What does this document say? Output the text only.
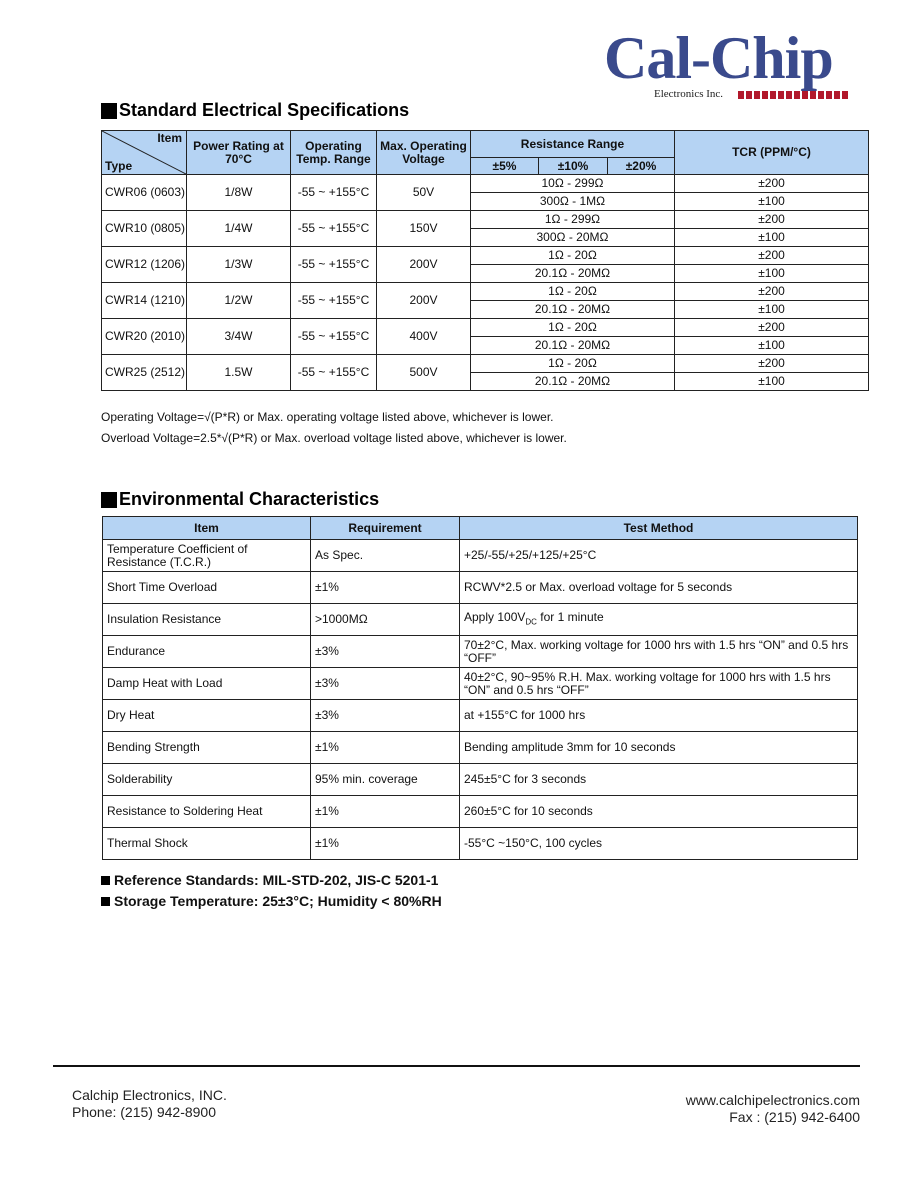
Cal-Chip
Electronics Inc.
Standard Electrical Specifications
Item
Type	Power Rating at 70°C	Operating Temp. Range	Max. Operating Voltage	Resistance Range			TCR (PPM/°C)
				±5%	±10%	±20%	
CWR06 (0603)	1/8W	-55 ~ +155°C	50V	10Ω - 299Ω			±200
				300Ω - 1MΩ			±100
CWR10 (0805)	1/4W	-55 ~ +155°C	150V	1Ω - 299Ω			±200
				300Ω - 20MΩ			±100
CWR12 (1206)	1/3W	-55 ~ +155°C	200V	1Ω - 20Ω			±200
				20.1Ω - 20MΩ			±100
CWR14 (1210)	1/2W	-55 ~ +155°C	200V	1Ω - 20Ω			±200
				20.1Ω - 20MΩ			±100
CWR20 (2010)	3/4W	-55 ~ +155°C	400V	1Ω - 20Ω			±200
				20.1Ω - 20MΩ			±100
CWR25 (2512)	1.5W	-55 ~ +155°C	500V	1Ω - 20Ω			±200
				20.1Ω - 20MΩ			±100
Operating Voltage=√(P*R) or Max. operating voltage listed above, whichever is lower.
Overload Voltage=2.5*√(P*R) or Max. overload voltage listed above, whichever is lower.
Environmental Characteristics
Item	Requirement	Test Method
Temperature Coefficient of Resistance (T.C.R.)	As Spec.	+25/-55/+25/+125/+25°C
Short Time Overload	±1%	RCWV*2.5 or Max. overload voltage for 5 seconds
Insulation Resistance	>1000MΩ	Apply $100V_{DC}$ for 1 minute
Endurance	±3%	70±2°C, Max. working voltage for 1000 hrs with 1.5 hrs “ON” and 0.5 hrs “OFF”
Damp Heat with Load	±3%	40±2°C, 90~95% R.H. Max. working voltage for 1000 hrs with 1.5 hrs “ON” and 0.5 hrs “OFF”
Dry Heat	±3%	at +155°C for 1000 hrs
Bending Strength	±1%	Bending amplitude 3mm for 10 seconds
Solderability	95% min. coverage	245±5°C for 3 seconds
Resistance to Soldering Heat	±1%	260±5°C for 10 seconds
Thermal Shock	±1%	-55°C ~150°C, 100 cycles
Reference Standards: MIL-STD-202, JIS-C 5201-1
Storage Temperature: 25±3°C; Humidity < 80%RH
Calchip Electronics, INC.
Phone: (215) 942-8900
www.calchipelectronics.com
Fax : (215) 942-6400
